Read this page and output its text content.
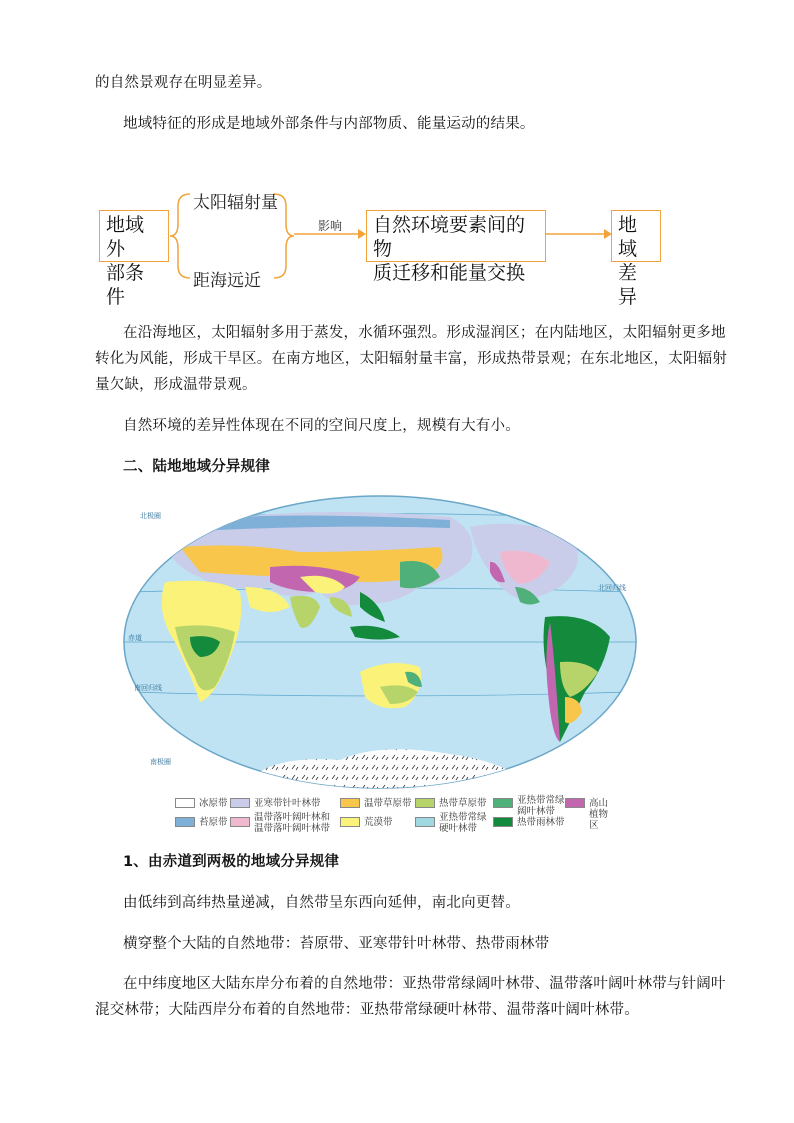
的自然景观存在明显差异。
地域特征的形成是地域外部条件与内部物质、能量运动的结果。
地域外
部条件
太阳辐射量
距海远近
影响 自然环境要素间的物
质迁移和能量交换
地域
差异
在沿海地区，太阳辐射多用于蒸发，水循环强烈。形成湿润区；在内陆地区，太阳辐射更多地
转化为风能，形成干旱区。在南方地区，太阳辐射量丰富，形成热带景观；在东北地区，太阳辐射
量欠缺，形成温带景观。
自然环境的差异性体现在不同的空间尺度上，规模有大有小。
二、陆地地域分异规律
北极圈
北回归线
赤道
南回归线
南极圈
冰原带
苔原带
亚寒带针叶林带
温带落叶阔叶林和温带落叶阔叶林带
温带草原带
荒漠带
热带草原带
亚热带常绿硬叶林带
亚热带常绿阔叶林带
热带雨林带
高山植物区
1、由赤道到两极的地域分异规律
由低纬到高纬热量递减，自然带呈东西向延伸，南北向更替。
横穿整个大陆的自然地带：苔原带、亚寒带针叶林带、热带雨林带
在中纬度地区大陆东岸分布着的自然地带：亚热带常绿阔叶林带、温带落叶阔叶林带与针阔叶
混交林带；大陆西岸分布着的自然地带：亚热带常绿硬叶林带、温带落叶阔叶林带。
